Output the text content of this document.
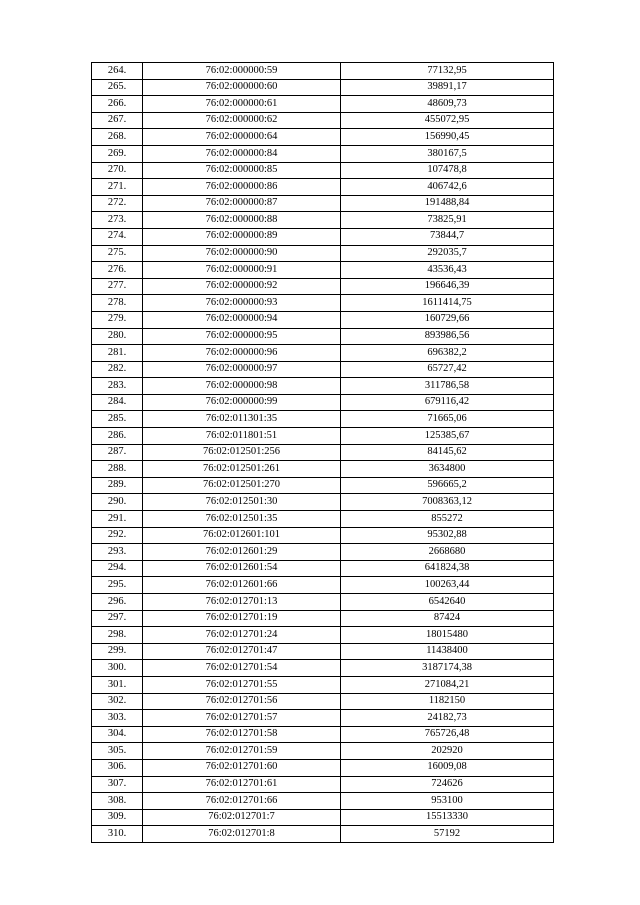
264.	76:02:000000:59	77132,95
265.	76:02:000000:60	39891,17
266.	76:02:000000:61	48609,73
267.	76:02:000000:62	455072,95
268.	76:02:000000:64	156990,45
269.	76:02:000000:84	380167,5
270.	76:02:000000:85	107478,8
271.	76:02:000000:86	406742,6
272.	76:02:000000:87	191488,84
273.	76:02:000000:88	73825,91
274.	76:02:000000:89	73844,7
275.	76:02:000000:90	292035,7
276.	76:02:000000:91	43536,43
277.	76:02:000000:92	196646,39
278.	76:02:000000:93	1611414,75
279.	76:02:000000:94	160729,66
280.	76:02:000000:95	893986,56
281.	76:02:000000:96	696382,2
282.	76:02:000000:97	65727,42
283.	76:02:000000:98	311786,58
284.	76:02:000000:99	679116,42
285.	76:02:011301:35	71665,06
286.	76:02:011801:51	125385,67
287.	76:02:012501:256	84145,62
288.	76:02:012501:261	3634800
289.	76:02:012501:270	596665,2
290.	76:02:012501:30	7008363,12
291.	76:02:012501:35	855272
292.	76:02:012601:101	95302,88
293.	76:02:012601:29	2668680
294.	76:02:012601:54	641824,38
295.	76:02:012601:66	100263,44
296.	76:02:012701:13	6542640
297.	76:02:012701:19	87424
298.	76:02:012701:24	18015480
299.	76:02:012701:47	11438400
300.	76:02:012701:54	3187174,38
301.	76:02:012701:55	271084,21
302.	76:02:012701:56	1182150
303.	76:02:012701:57	24182,73
304.	76:02:012701:58	765726,48
305.	76:02:012701:59	202920
306.	76:02:012701:60	16009,08
307.	76:02:012701:61	724626
308.	76:02:012701:66	953100
309.	76:02:012701:7	15513330
310.	76:02:012701:8	57192
